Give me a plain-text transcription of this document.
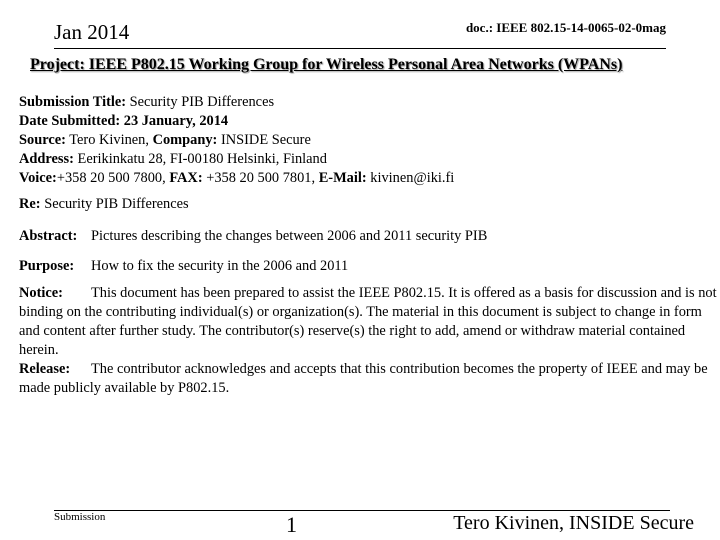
Jan 2014	doc.: IEEE 802.15-14-0065-02-0mag
Project: IEEE P802.15 Working Group for Wireless Personal Area Networks (WPANs)
Submission Title: Security PIB Differences
Date Submitted: 23 January, 2014
Source: Tero Kivinen, Company: INSIDE Secure
Address: Eerikinkatu 28, FI-00180 Helsinki, Finland
Voice:+358 20 500 7800, FAX: +358 20 500 7801, E-Mail: kivinen@iki.fi
Re: Security PIB Differences
Abstract: Pictures describing the changes between 2006 and 2011 security PIB
Purpose: How to fix the security in the 2006 and 2011

Notice: This document has been prepared to assist the IEEE P802.15. It is offered as a basis for discussion and is not binding on the contributing individual(s) or organization(s). The material in this document is subject to change in form and content after further study. The contributor(s) reserve(s) the right to add, amend or withdraw material contained herein.

Release: The contributor acknowledges and accepts that this contribution becomes the property of IEEE and may be made publicly available by P802.15.

Submission	1	Tero Kivinen, INSIDE Secure
